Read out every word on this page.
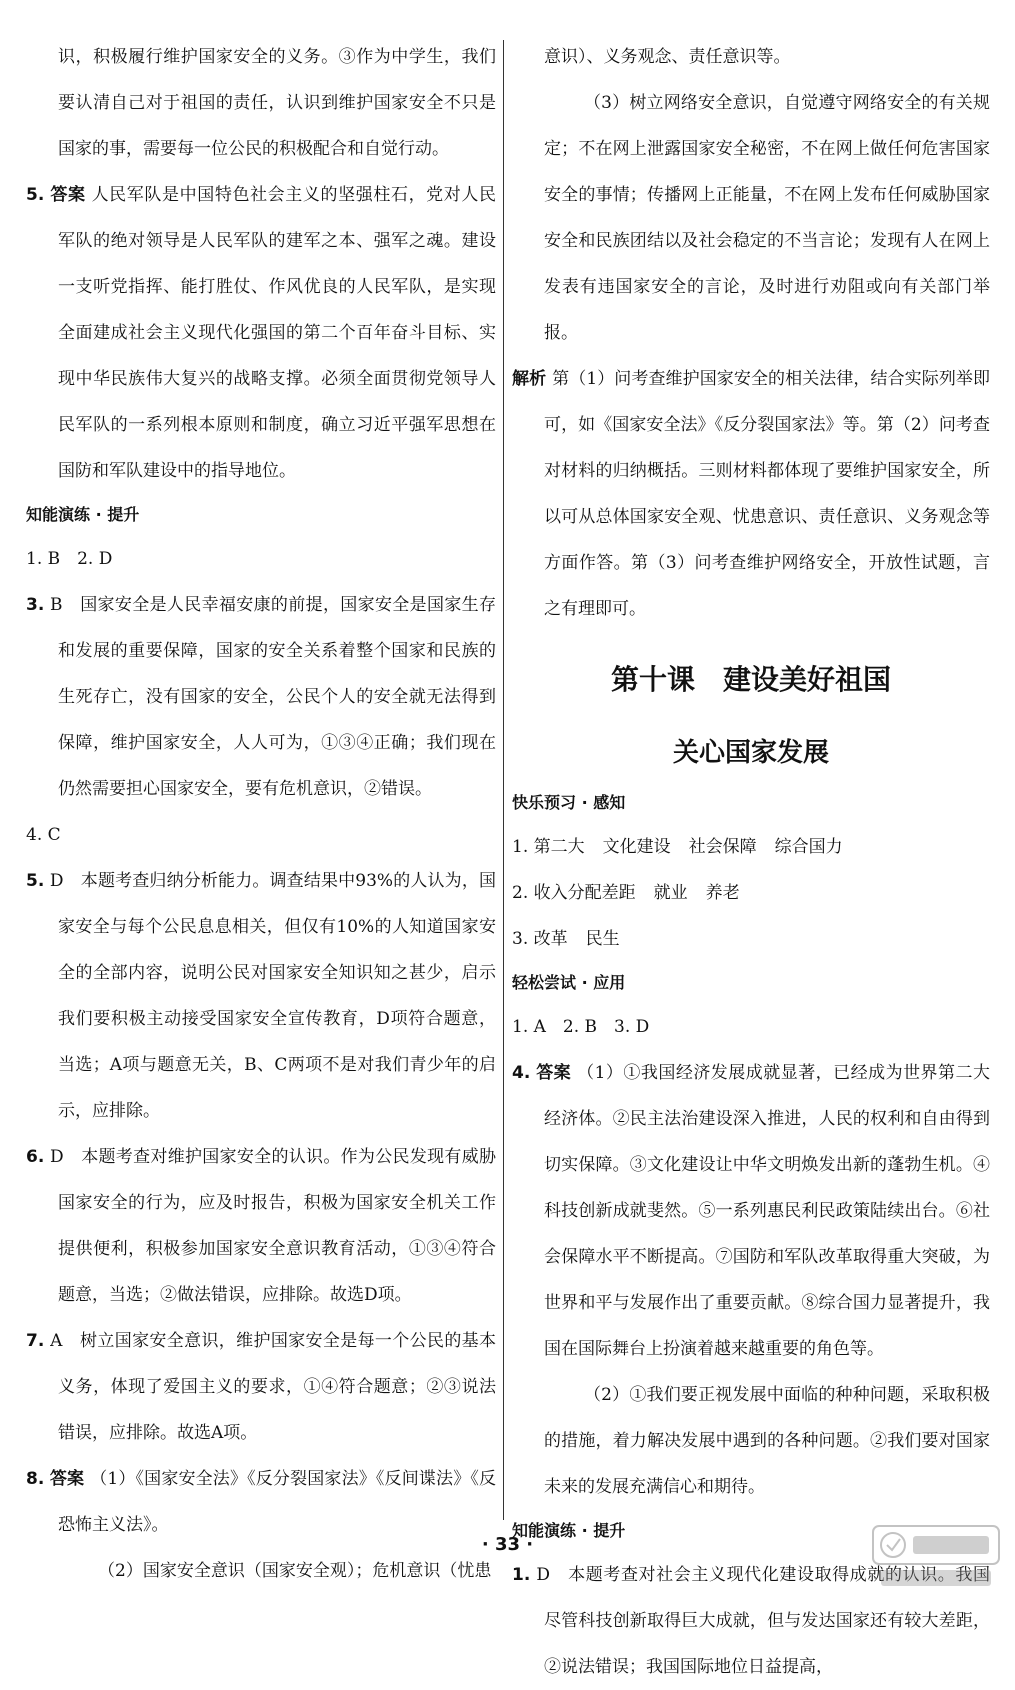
识，积极履行维护国家安全的义务。③作为中学生，我们要认清自己对于祖国的责任，认识到维护国家安全不只是国家的事，需要每一位公民的积极配合和自觉行动。

5. 答案 人民军队是中国特色社会主义的坚强柱石，党对人民军队的绝对领导是人民军队的建军之本、强军之魂。建设一支听党指挥、能打胜仗、作风优良的人民军队，是实现全面建成社会主义现代化强国的第二个百年奋斗目标、实现中华民族伟大复兴的战略支撑。必须全面贯彻党领导人民军队的一系列根本原则和制度，确立习近平强军思想在国防和军队建设中的指导地位。

知能演练 · 提升

1. B　2. D

3. B　国家安全是人民幸福安康的前提，国家安全是国家生存和发展的重要保障，国家的安全关系着整个国家和民族的生死存亡，没有国家的安全，公民个人的安全就无法得到保障，维护国家安全，人人可为，①③④正确；我们现在仍然需要担心国家安全，要有危机意识，②错误。

4. C

5. D　本题考查归纳分析能力。调查结果中93%的人认为，国家安全与每个公民息息相关，但仅有10%的人知道国家安全的全部内容，说明公民对国家安全知识知之甚少，启示我们要积极主动接受国家安全宣传教育，D项符合题意，当选；A项与题意无关，B、C两项不是对我们青少年的启示，应排除。

6. D　本题考查对维护国家安全的认识。作为公民发现有威胁国家安全的行为，应及时报告，积极为国家安全机关工作提供便利，积极参加国家安全意识教育活动，①③④符合题意，当选；②做法错误，应排除。故选D项。

7. A　树立国家安全意识，维护国家安全是每一个公民的基本义务，体现了爱国主义的要求，①④符合题意；②③说法错误，应排除。故选A项。

8. 答案 （1）《国家安全法》《反分裂国家法》《反间谍法》《反恐怖主义法》。

（2）国家安全意识（国家安全观）；危机意识（忧患

意识）、义务观念、责任意识等。

（3）树立网络安全意识，自觉遵守网络安全的有关规定；不在网上泄露国家安全秘密，不在网上做任何危害国家安全的事情；传播网上正能量，不在网上发布任何威胁国家安全和民族团结以及社会稳定的不当言论；发现有人在网上发表有违国家安全的言论，及时进行劝阻或向有关部门举报。

解析 第（1）问考查维护国家安全的相关法律，结合实际列举即可，如《国家安全法》《反分裂国家法》等。第（2）问考查对材料的归纳概括。三则材料都体现了要维护国家安全，所以可从总体国家安全观、忧患意识、责任意识、义务观念等方面作答。第（3）问考查维护网络安全，开放性试题，言之有理即可。

第十课　建设美好祖国

关心国家发展

快乐预习 · 感知

1. 第二大 文化建设 社会保障 综合国力

2. 收入分配差距 就业 养老

3. 改革 民生

轻松尝试 · 应用

1. A　2. B　3. D

4. 答案 （1）①我国经济发展成就显著，已经成为世界第二大经济体。②民主法治建设深入推进，人民的权利和自由得到切实保障。③文化建设让中华文明焕发出新的蓬勃生机。④科技创新成就斐然。⑤一系列惠民利民政策陆续出台。⑥社会保障水平不断提高。⑦国防和军队改革取得重大突破，为世界和平与发展作出了重要贡献。⑧综合国力显著提升，我国在国际舞台上扮演着越来越重要的角色等。

（2）①我们要正视发展中面临的种种问题，采取积极的措施，着力解决发展中遇到的各种问题。②我们要对国家未来的发展充满信心和期待。

知能演练 · 提升

1. D　本题考查对社会主义现代化建设取得成就的认识。我国尽管科技创新取得巨大成就，但与发达国家还有较大差距，②说法错误；我国国际地位日益提高，

· 33 ·
